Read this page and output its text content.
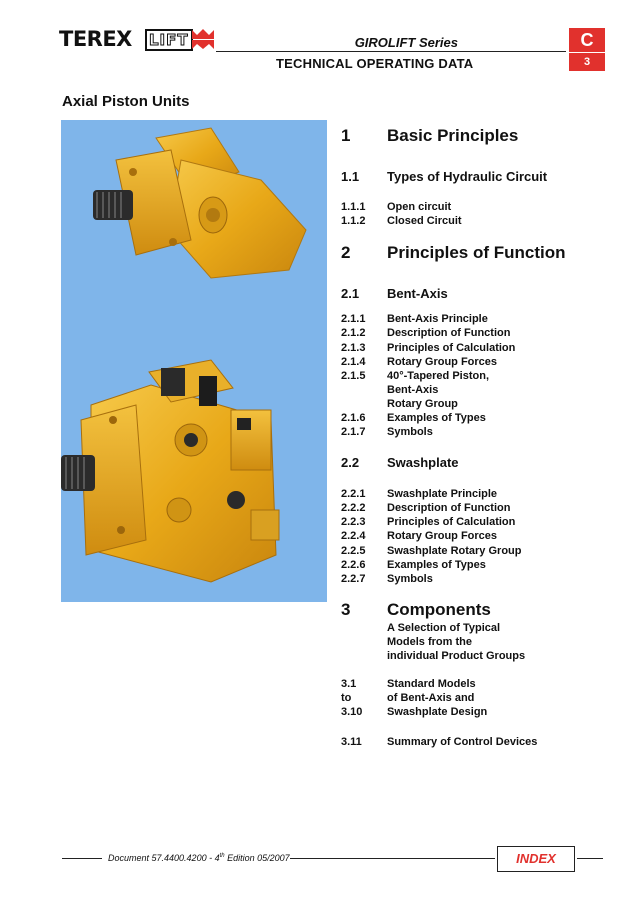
TEREX LIFT	GIROLIFT Series
TECHNICAL OPERATING DATA
C
3
Axial Piston Units
1 Basic Principles
1.1 Types of Hydraulic Circuit
1.1.1 Open circuit
1.1.2 Closed Circuit
2 Principles of Function
2.1 Bent-Axis
2.1.1 Bent-Axis Principle
2.1.2 Description of Function
2.1.3 Principles of Calculation
2.1.4 Rotary Group Forces
2.1.5 40°-Tapered Piston,
Bent-Axis
Rotary Group
2.1.6 Examples of Types
2.1.7 Symbols
2.2 Swashplate
2.2.1 Swashplate Principle
2.2.2 Description of Function
2.2.3 Principles of Calculation
2.2.4 Rotary Group Forces
2.2.5 Swashplate Rotary Group
2.2.6 Examples of Types
2.2.7 Symbols
3 Components
A Selection of Typical
Models from the
individual Product Groups
3.1	Standard Models
to	of Bent-Axis and
3.10 Swashplate Design
3.11 Summary of Control Devices
Document 57.4400.4200 - 4th Edition 05/2007	INDEX
